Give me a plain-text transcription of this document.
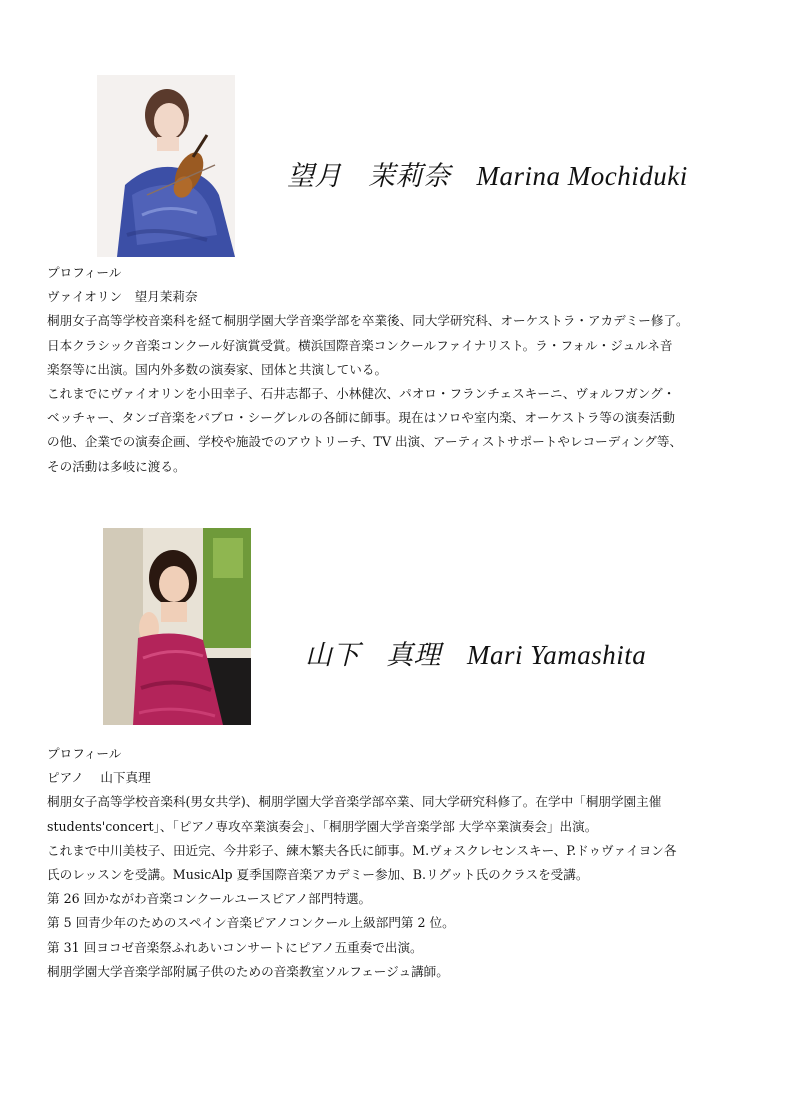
望月 茉莉奈 Marina Mochiduki

プロフィール

ヴァイオリン　望月茉莉奈

桐朋女子高等学校音楽科を経て桐朋学園大学音楽学部を卒業後、同大学研究科、オーケストラ・アカデミー修了。

日本クラシック音楽コンクール好演賞受賞。横浜国際音楽コンクールファイナリスト。ラ・フォル・ジュルネ音

楽祭等に出演。国内外多数の演奏家、団体と共演している。

これまでにヴァイオリンを小田幸子、石井志都子、小林健次、パオロ・フランチェスキーニ、ヴォルフガング・

ベッチャー、タンゴ音楽をパブロ・シーグレルの各師に師事。現在はソロや室内楽、オーケストラ等の演奏活動

の他、企業での演奏企画、学校や施設でのアウトリーチ、TV 出演、アーティストサポートやレコーディング等、

その活動は多岐に渡る。

山下 真理 Mari Yamashita

プロフィール

ピアノ　 山下真理

桐朋女子高等学校音楽科(男女共学)、桐朋学園大学音楽学部卒業、同大学研究科修了。在学中「桐朋学園主催

students'concert」、「ピアノ専攻卒業演奏会」、「桐朋学園大学音楽学部 大学卒業演奏会」出演。

これまで中川美枝子、田近完、今井彩子、練木繁夫各氏に師事。M.ヴォスクレセンスキー、P.ドゥヴァイヨン各

氏のレッスンを受講。MusicAlp 夏季国際音楽アカデミー参加、B.リグット氏のクラスを受講。

第 26 回かながわ音楽コンクールユースピアノ部門特選。

第 5 回青少年のためのスペイン音楽ピアノコンクール上級部門第 2 位。

第 31 回ヨコゼ音楽祭ふれあいコンサートにピアノ五重奏で出演。

桐朋学園大学音楽学部附属子供のための音楽教室ソルフェージュ講師。
